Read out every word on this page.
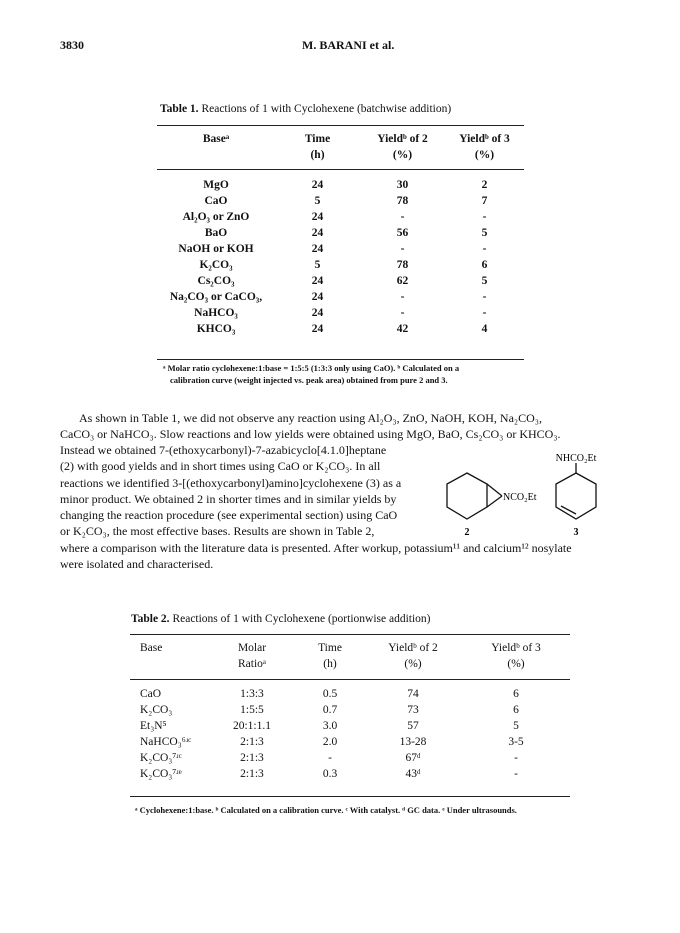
3830	M. BARANI et al.
Table 1. Reactions of 1 with Cyclohexene (batchwise addition)
Baseᵃ	Time	Yieldᵇ of 2	Yieldᵇ of 3
	(h)	(%)	(%)
MgO	24	30	2
CaO	5	78	7
Al₂O₃ or ZnO	24	-	-
BaO	24	56	5
NaOH or KOH	24	-	-
K₂CO₃	5	78	6
Cs₂CO₃	24	62	5
Na₂CO₃ or CaCO₃,	24	-	-
NaHCO₃	24	-	-
KHCO₃	24	42	4
ᵃ Molar ratio cyclohexene:1:base = 1:5:5 (1:3:3 only using CaO). ᵇ Calculated on a
calibration curve (weight injected vs. peak area) obtained from pure 2 and 3.
As shown in Table 1, we did not observe any reaction using Al₂O₃, ZnO, NaOH, KOH, Na₂CO₃,
CaCO₃ or NaHCO₃. Slow reactions and low yields were obtained using MgO, BaO, Cs₂CO₃ or KHCO₃.
Instead we obtained 7-(ethoxycarbonyl)-7-azabicyclo[4.1.0]heptane
(2) with good yields and in short times using CaO or K₂CO₃. In all
reactions we identified 3-[(ethoxycarbonyl)amino]cyclohexene (3) as a
minor product. We obtained 2 in shorter times and in similar yields by
changing the reaction procedure (see experimental section) using CaO
or K₂CO₃, the most effective bases. Results are shown in Table 2,
where a comparison with the literature data is presented. After workup, potassium¹¹ and calcium¹² nosylate
were isolated and characterised.
NCO₂Et
2
NHCO₂Et
3
Table 2. Reactions of 1 with Cyclohexene (portionwise addition)
Base	Molar	Time	Yieldᵇ of 2	Yieldᵇ of 3
	Ratioᵃ	(h)	(%)	(%)
CaO	1:3:3	0.5	74	6
K₂CO₃	1:5:5	0.7	73	6
Et₃N⁵	20:1:1.1	3.0	57	5
NaHCO₃⁶ʴᶜ	2:1:3	2.0	13-28	3-5
K₂CO₃⁷ʴᶜ	2:1:3	-	67ᵈ	-
K₂CO₃⁷ʴᵉ	2:1:3	0.3	43ᵈ	-
ᵃ Cyclohexene:1:base. ᵇ Calculated on a calibration curve. ᶜ With catalyst. ᵈ GC data. ᵉ Under ultrasounds.
